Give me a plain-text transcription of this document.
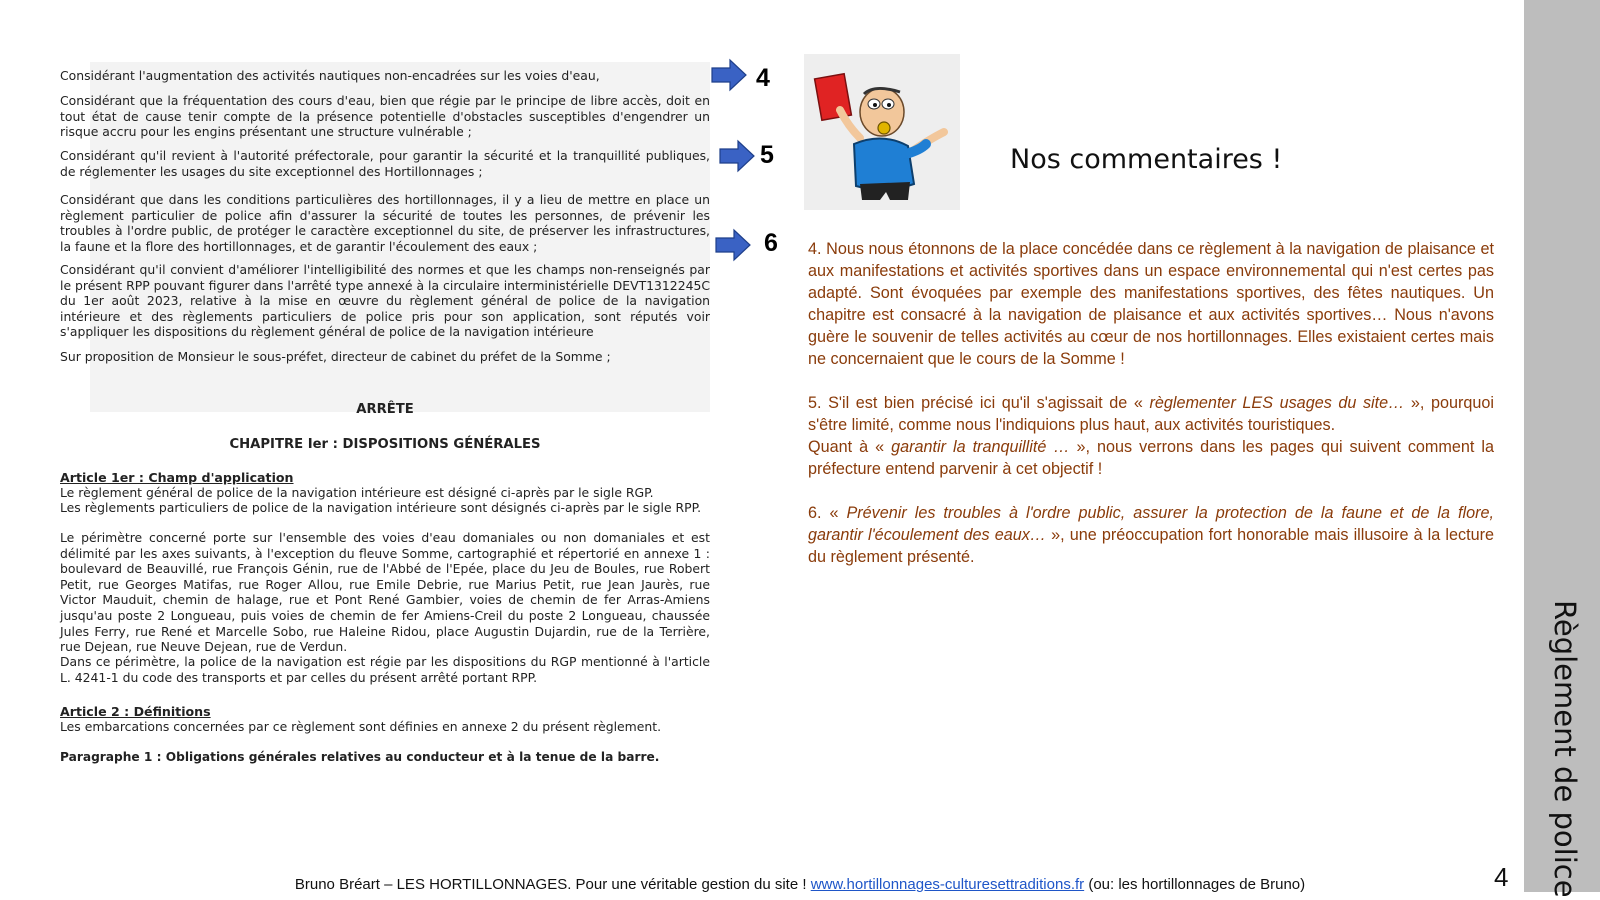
Règlement de police

Considérant l'augmentation des activités nautiques non-encadrées sur les voies d'eau,

Considérant que la fréquentation des cours d'eau, bien que régie par le principe de libre accès, doit en tout état de cause tenir compte de la présence potentielle d'obstacles susceptibles d'engendrer un risque accru pour les engins présentant une structure vulnérable ;

Considérant qu'il revient à l'autorité préfectorale, pour garantir la sécurité et la tranquillité publiques, de réglementer les usages du site exceptionnel des Hortillonnages ;

Considérant que dans les conditions particulières des hortillonnages, il y a lieu de mettre en place un règlement particulier de police afin d'assurer la sécurité de toutes les personnes, de prévenir les troubles à l'ordre public, de protéger le caractère exceptionnel du site, de préserver les infrastructures, la faune et la flore des hortillonnages, et de garantir l'écoulement des eaux ;

Considérant qu'il convient d'améliorer l'intelligibilité des normes et que les champs non-renseignés par le présent RPP pouvant figurer dans l'arrêté type annexé à la circulaire interministérielle DEVT1312245C du 1er août 2023, relative à la mise en œuvre du règlement général de police de la navigation intérieure et des règlements particuliers de police pris pour son application, sont réputés voir s'appliquer les dispositions du règlement général de police de la navigation intérieure

Sur proposition de Monsieur le sous-préfet, directeur de cabinet du préfet de la Somme ;

ARRÊTE

CHAPITRE Ier : DISPOSITIONS GÉNÉRALES

Article 1er : Champ d'application

Le règlement général de police de la navigation intérieure est désigné ci-après par le sigle RGP.

Les règlements particuliers de police de la navigation intérieure sont désignés ci-après par le sigle RPP.

Le périmètre concerné porte sur l'ensemble des voies d'eau domaniales ou non domaniales et est délimité par les axes suivants, à l'exception du fleuve Somme, cartographié et répertorié en annexe 1 : boulevard de Beauvillé, rue François Génin, rue de l'Abbé de l'Epée, place du Jeu de Boules, rue Robert Petit, rue Georges Matifas, rue Roger Allou, rue Emile Debrie, rue Marius Petit, rue Jean Jaurès, rue Victor Mauduit, chemin de halage, rue et Pont René Gambier, voies de chemin de fer Arras-Amiens jusqu'au poste 2 Longueau, puis voies de chemin de fer Amiens-Creil du poste 2 Longueau, chaussée Jules Ferry, rue René et Marcelle Sobo, rue Haleine Ridou, place Augustin Dujardin, rue de la Terrière, rue Dejean, rue Neuve Dejean, rue de Verdun.

Dans ce périmètre, la police de la navigation est régie par les dispositions du RGP mentionné à l'article L. 4241-1 du code des transports et par celles du présent arrêté portant RPP.

Article 2 : Définitions

Les embarcations concernées par ce règlement sont définies en annexe 2 du présent règlement.

Paragraphe 1 : Obligations générales relatives au conducteur et à la tenue de la barre.

4
5
6
Nos commentaires !

4. Nous nous étonnons de la place concédée dans ce règlement à la navigation de plaisance et aux manifestations et activités sportives dans un espace environnemental qui n'est certes pas adapté. Sont évoquées par exemple des manifestations sportives, des fêtes nautiques. Un chapitre est consacré à la navigation de plaisance et aux activités sportives… Nous n'avons guère le souvenir de telles activités au cœur de nos hortillonnages. Elles existaient certes mais ne concernaient que le cours de la Somme !

5. S'il est bien précisé ici qu'il s'agissait de « règlementer LES usages du site… », pourquoi s'être limité, comme nous l'indiquions plus haut, aux activités touristiques.

Quant à « garantir la tranquillité … », nous verrons dans les pages qui suivent comment la préfecture entend parvenir à cet objectif !

6. « Prévenir les troubles à l'ordre public, assurer la protection de la faune et de la flore, garantir l'écoulement des eaux… », une préoccupation fort honorable mais illusoire à la lecture du règlement présenté.

Bruno Bréart – LES HORTILLONNAGES. Pour une véritable gestion du site ! www.hortillonnages-culturesettraditions.fr (ou: les hortillonnages de Bruno)	4
